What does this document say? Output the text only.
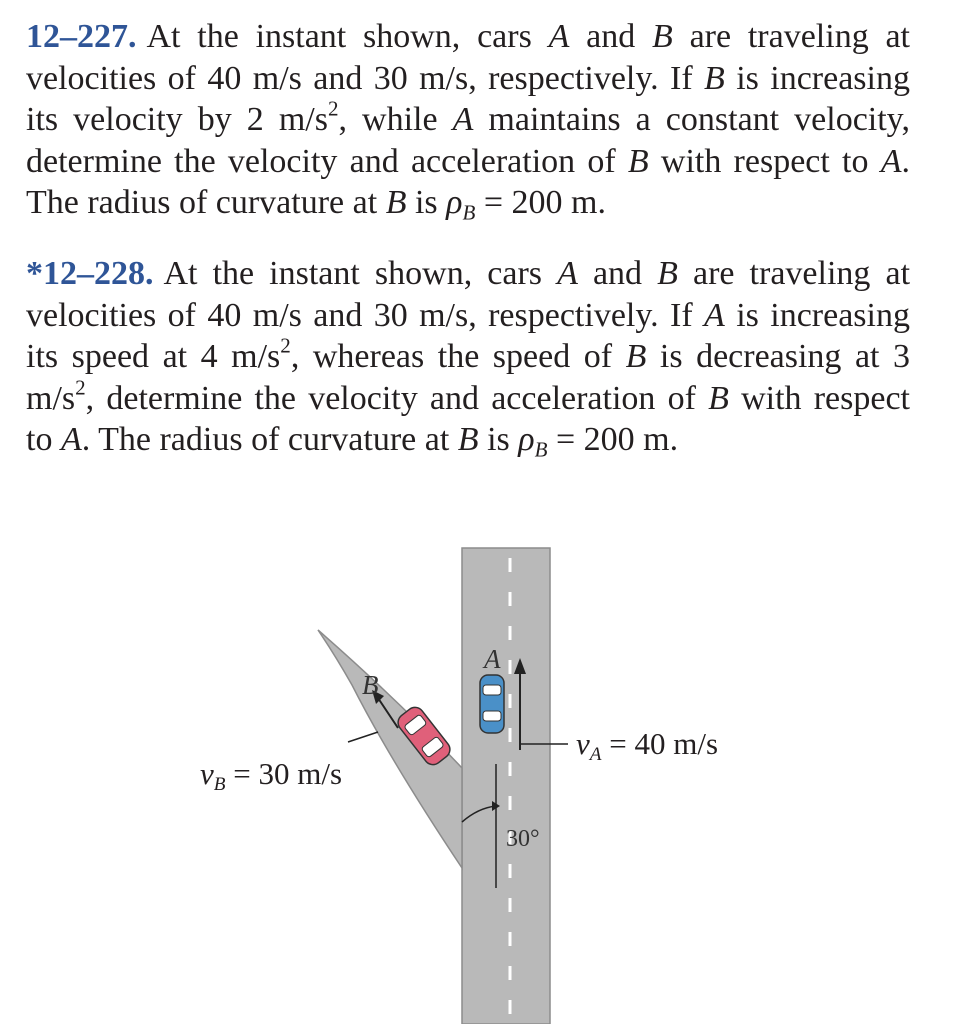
12–227. At the instant shown, cars A and B are traveling at velocities of 40 m/s and 30 m/s, respectively. If B is increasing its velocity by 2 $m/s^2$, while A maintains a constant velocity, determine the velocity and acceleration of B with respect to A. The radius of curvature at B is $\rho_B = 200$ m.
*12–228. At the instant shown, cars A and B are traveling at velocities of 40 m/s and 30 m/s, respectively. If A is increasing its speed at 4 $m/s^2$, whereas the speed of B is decreasing at 3 $m/s^2$, determine the velocity and acceleration of B with respect to A. The radius of curvature at B is $\rho_B = 200$ m.
A
B
30°
$v_B = 30$ m/s
$v_A = 40$ m/s
